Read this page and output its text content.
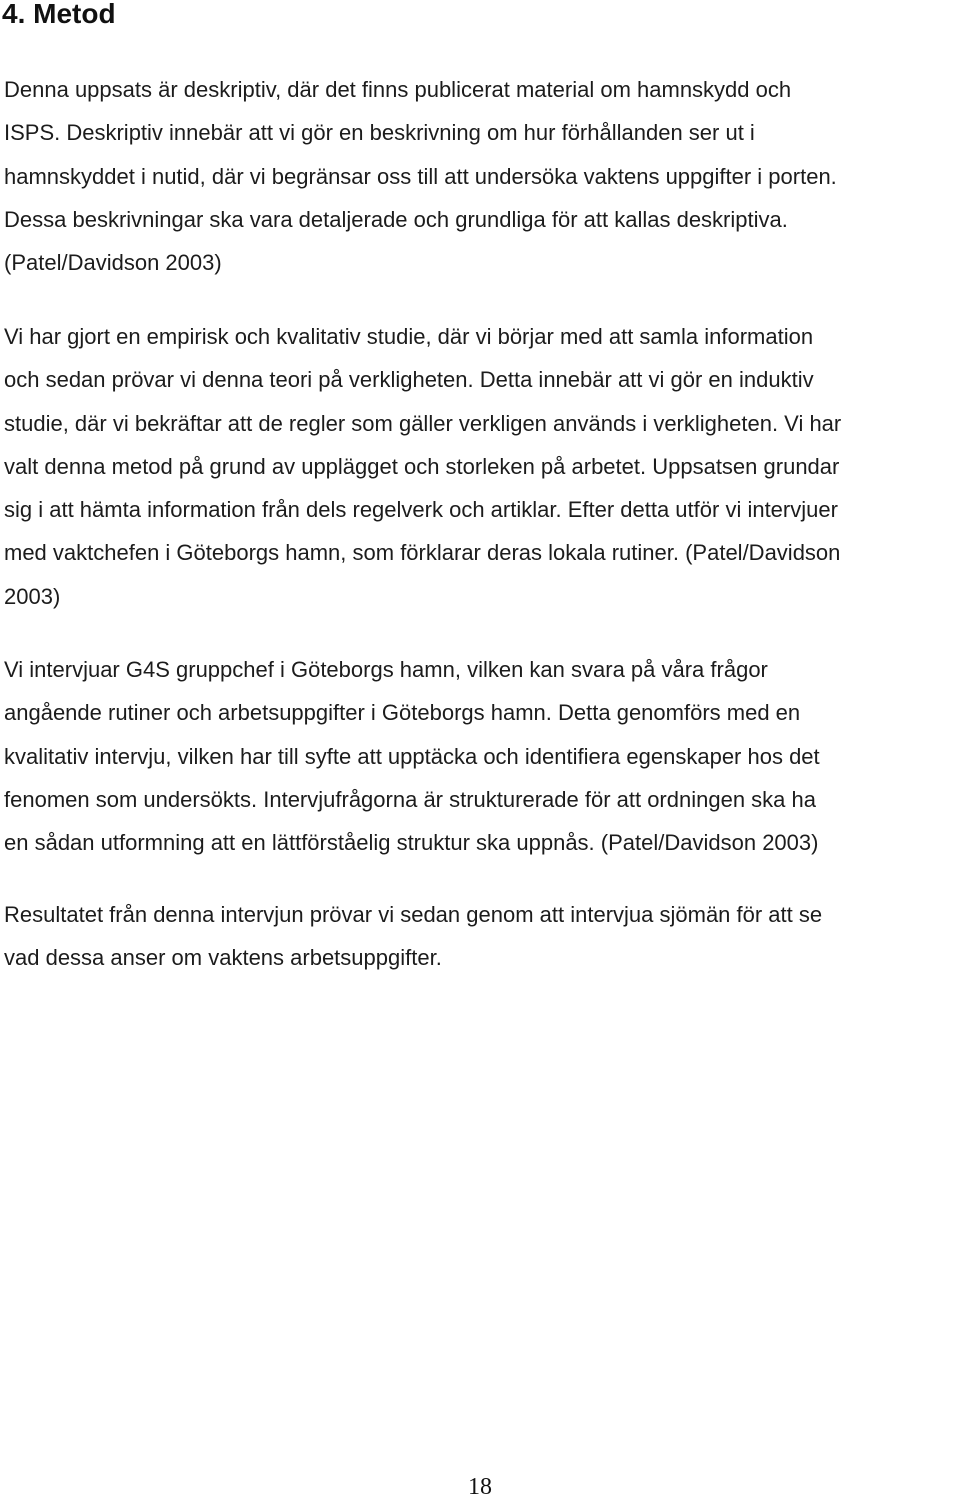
4. Metod

Denna uppsats är deskriptiv, där det finns publicerat material om hamnskydd och
ISPS. Deskriptiv innebär att vi gör en beskrivning om hur förhållanden ser ut i
hamnskyddet i nutid, där vi begränsar oss till att undersöka vaktens uppgifter i porten.
Dessa beskrivningar ska vara detaljerade och grundliga för att kallas deskriptiva.
(Patel/Davidson 2003)

Vi har gjort en empirisk och kvalitativ studie, där vi börjar med att samla information
och sedan prövar vi denna teori på verkligheten. Detta innebär att vi gör en induktiv
studie, där vi bekräftar att de regler som gäller verkligen används i verkligheten. Vi har
valt denna metod på grund av upplägget och storleken på arbetet. Uppsatsen grundar
sig i att hämta information från dels regelverk och artiklar. Efter detta utför vi intervjuer
med vaktchefen i Göteborgs hamn, som förklarar deras lokala rutiner. (Patel/Davidson
2003)

Vi intervjuar G4S gruppchef i Göteborgs hamn, vilken kan svara på våra frågor
angående rutiner och arbetsuppgifter i Göteborgs hamn. Detta genomförs med en
kvalitativ intervju, vilken har till syfte att upptäcka och identifiera egenskaper hos det
fenomen som undersökts. Intervjufrågorna är strukturerade för att ordningen ska ha
en sådan utformning att en lättförståelig struktur ska uppnås. (Patel/Davidson 2003)

Resultatet från denna intervjun prövar vi sedan genom att intervjua sjömän för att se
vad dessa anser om vaktens arbetsuppgifter.

18
